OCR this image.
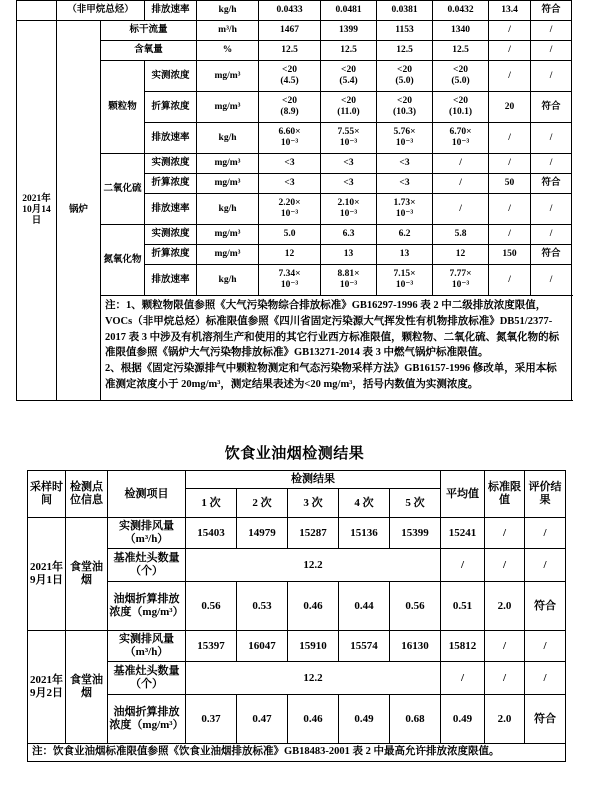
	（非甲烷总烃）		排放速率	kg/h	0.0433	0.0481	0.0381	0.0432	13.4	符合
2021年10月14日	锅炉	标干流量		m³/h	1467	1399	1153	1340	/	/
		含氧量		%	12.5	12.5	12.5	12.5	/	/
		颗粒物	实测浓度	mg/m³	<20
(4.5)	<20
(5.4)	<20
(5.0)	<20
(5.0)	/	/
			折算浓度	mg/m³	<20
(8.9)	<20
(11.0)	<20
(10.3)	<20
(10.1)	20	符合
			排放速率	kg/h	6.60×
10⁻³	7.55×
10⁻³	5.76×
10⁻³	6.70×
10⁻³	/	/
		二氧化硫	实测浓度	mg/m³	<3	<3	<3	/	/	/
			折算浓度	mg/m³	<3	<3	<3	/	50	符合
			排放速率	kg/h	2.20×
10⁻³	2.10×
10⁻³	1.73×
10⁻³	/	/	/
		氮氧化物	实测浓度	mg/m³	5.0	6.3	6.2	5.8	/	/
			折算浓度	mg/m³	12	13	13	12	150	符合
			排放速率	kg/h	7.34×
10⁻³	8.81×
10⁻³	7.15×
10⁻³	7.77×
10⁻³	/	/

		注：1、颗粒物限值参照《大气污染物综合排放标准》GB16297-1996 表 2 中二级排放浓度限值，VOCs（非甲烷总烃）标准限值参照《四川省固定污染源大气挥发性有机物排放标准》DB51/2377-2017 表 3 中涉及有机溶剂生产和使用的其它行业西方标准限值，颗粒物、二氧化硫、氮氧化物的标准限值参照《锅炉大气污染物排放标准》GB13271-2014 表 3 中燃气锅炉标准限值。
2、根据《固定污染源排气中颗粒物测定和气态污染物采样方法》GB16157-1996 修改单，采用本标准测定浓度小于 20mg/m³，测定结果表述为<20 mg/m³，括号内数值为实测浓度。								
饮食业油烟检测结果
采样时间	检测点位信息	检测项目	检测结果					平均值	标准限值	评价结果
			1 次	2 次	3 次	4 次	5 次			
2021年9月1日	食堂油烟	实测排风量（m³/h）	15403	14979	15287	15136	15399	15241	/	/
		基准灶头数量（个）	12.2					/	/	/
		油烟折算排放浓度（mg/m³）	0.56	0.53	0.46	0.44	0.56	0.51	2.0	符合
2021年9月2日	食堂油烟	实测排风量（m³/h）	15397	16047	15910	15574	16130	15812	/	/
		基准灶头数量（个）	12.2					/	/	/
		油烟折算排放浓度（mg/m³）	0.37	0.47	0.46	0.49	0.68	0.49	2.0	符合
注：饮食业油烟标准限值参照《饮食业油烟排放标准》GB18483-2001 表 2 中最高允许排放浓度限值。										
